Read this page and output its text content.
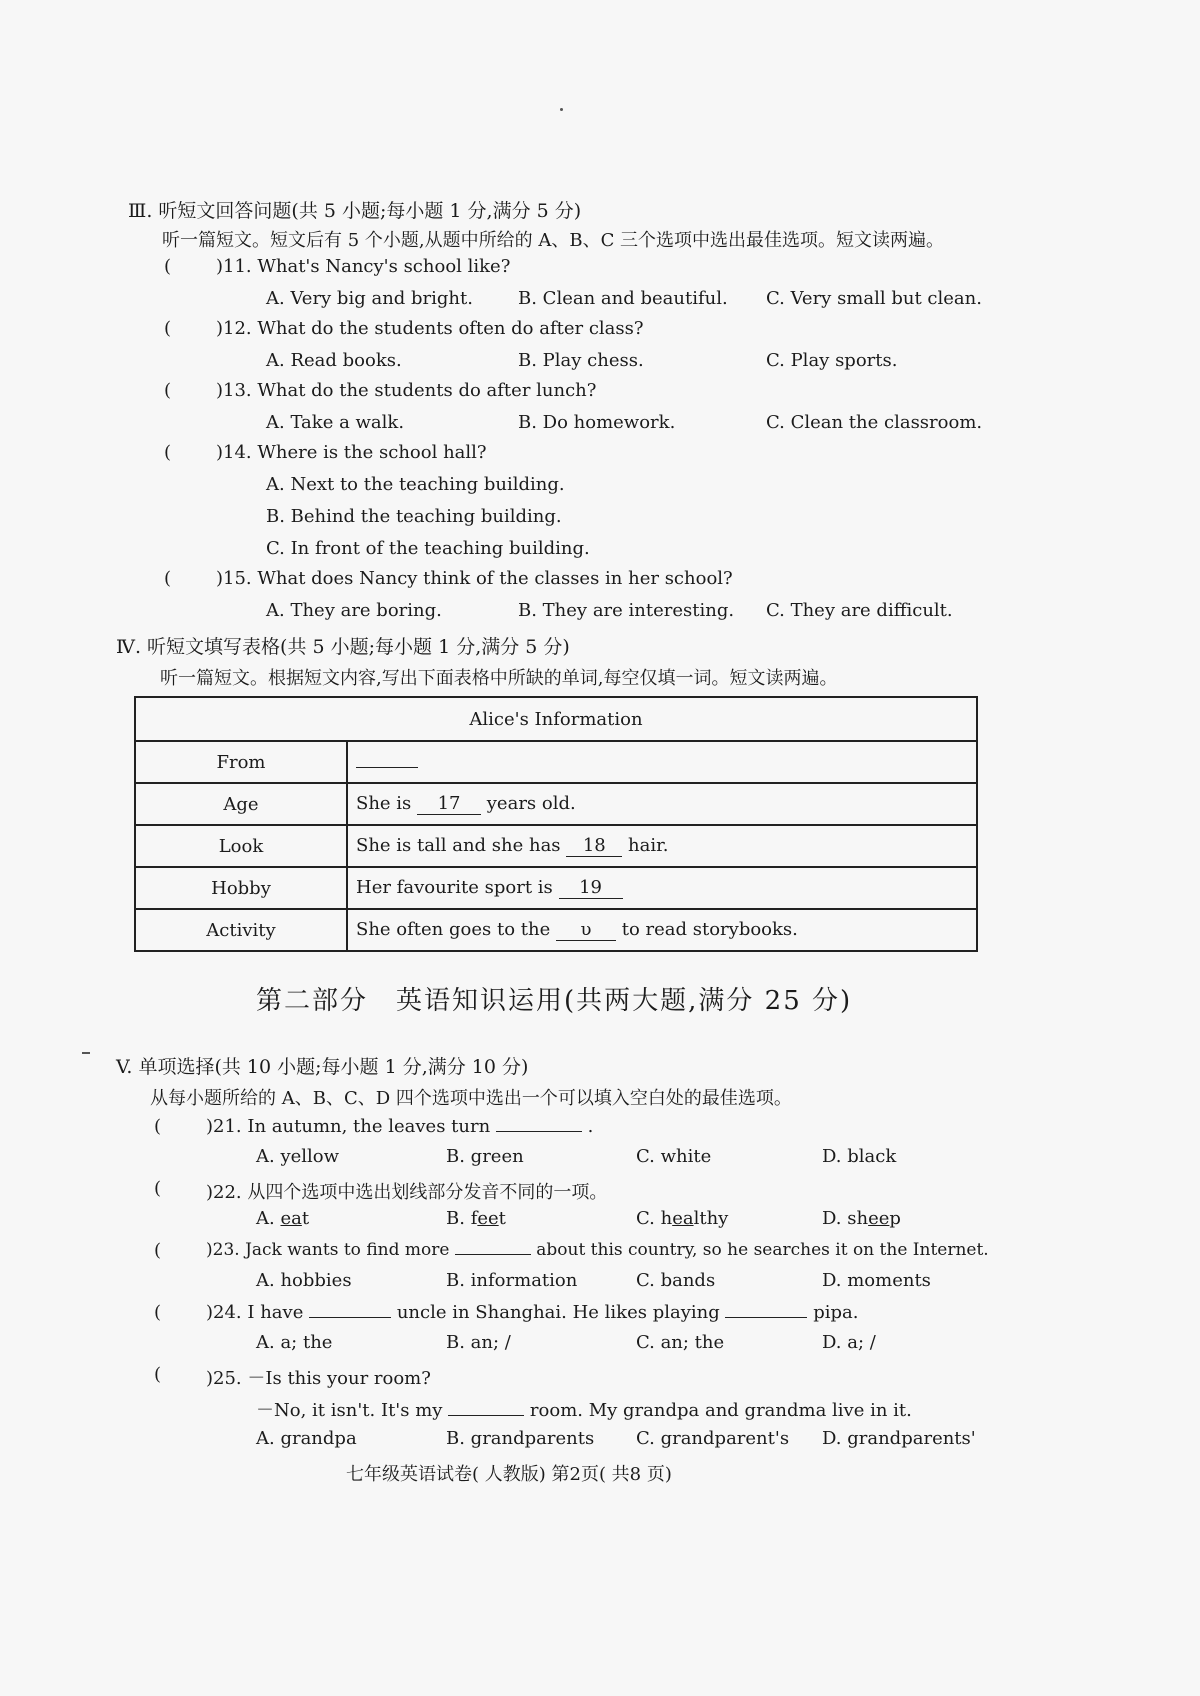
Ⅲ. 听短文回答问题(共 5 小题;每小题 1 分,满分 5 分)
听一篇短文。短文后有 5 个小题,从题中所给的 A、B、C 三个选项中选出最佳选项。短文读两遍。
( )11. What's Nancy's school like?
A. Very big and bright.	B. Clean and beautiful. C. Very small but clean.
( )12. What do the students often do after class?
A. Read books.	B. Play chess.	C. Play sports.
( )13. What do the students do after lunch?
A. Take a walk.	B. Do homework.	C. Clean the classroom.
( )14. Where is the school hall?
A. Next to the teaching building.
B. Behind the teaching building.
C. In front of the teaching building.
( )15. What does Nancy think of the classes in her school?
A. They are boring.	B. They are interesting. C. They are difficult.
Ⅳ. 听短文填写表格(共 5 小题;每小题 1 分,满分 5 分)
听一篇短文。根据短文内容,写出下面表格中所缺的单词,每空仅填一词。短文读两遍。
Alice's Information	
From	
Age	She is 17 years old.
Look	She is tall and she has 18 hair.
Hobby	Her favourite sport is 19
Activity	She often goes to the υ to read storybooks.
第二部分　英语知识运用(共两大题,满分 25 分)
V. 单项选择(共 10 小题;每小题 1 分,满分 10 分)
从每小题所给的 A、B、C、D 四个选项中选出一个可以填入空白处的最佳选项。
( )21. In autumn, the leaves turn	.
A. yellow	B. green	C. white	D. black
( )22. 从四个选项中选出划线部分发音不同的一项。
A. eat	B. feet	C. healthy	D. sheep
(	)23. Jack wants to find more	about this country, so he searches it on the Internet.
A. hobbies	B. information	C. bands	D. moments
( )24. I have	uncle in Shanghai. He likes playing	pipa.
A. a; the	B. an; /	C. an; the	D. a; /
( )25. －Is this your room?
－No, it isn't. It's my	room. My grandpa and grandma live in it.
A. grandpa	B. grandparents C. grandparent's D. grandparents'
七年级英语试卷( 人教版) 第2页( 共8 页)
